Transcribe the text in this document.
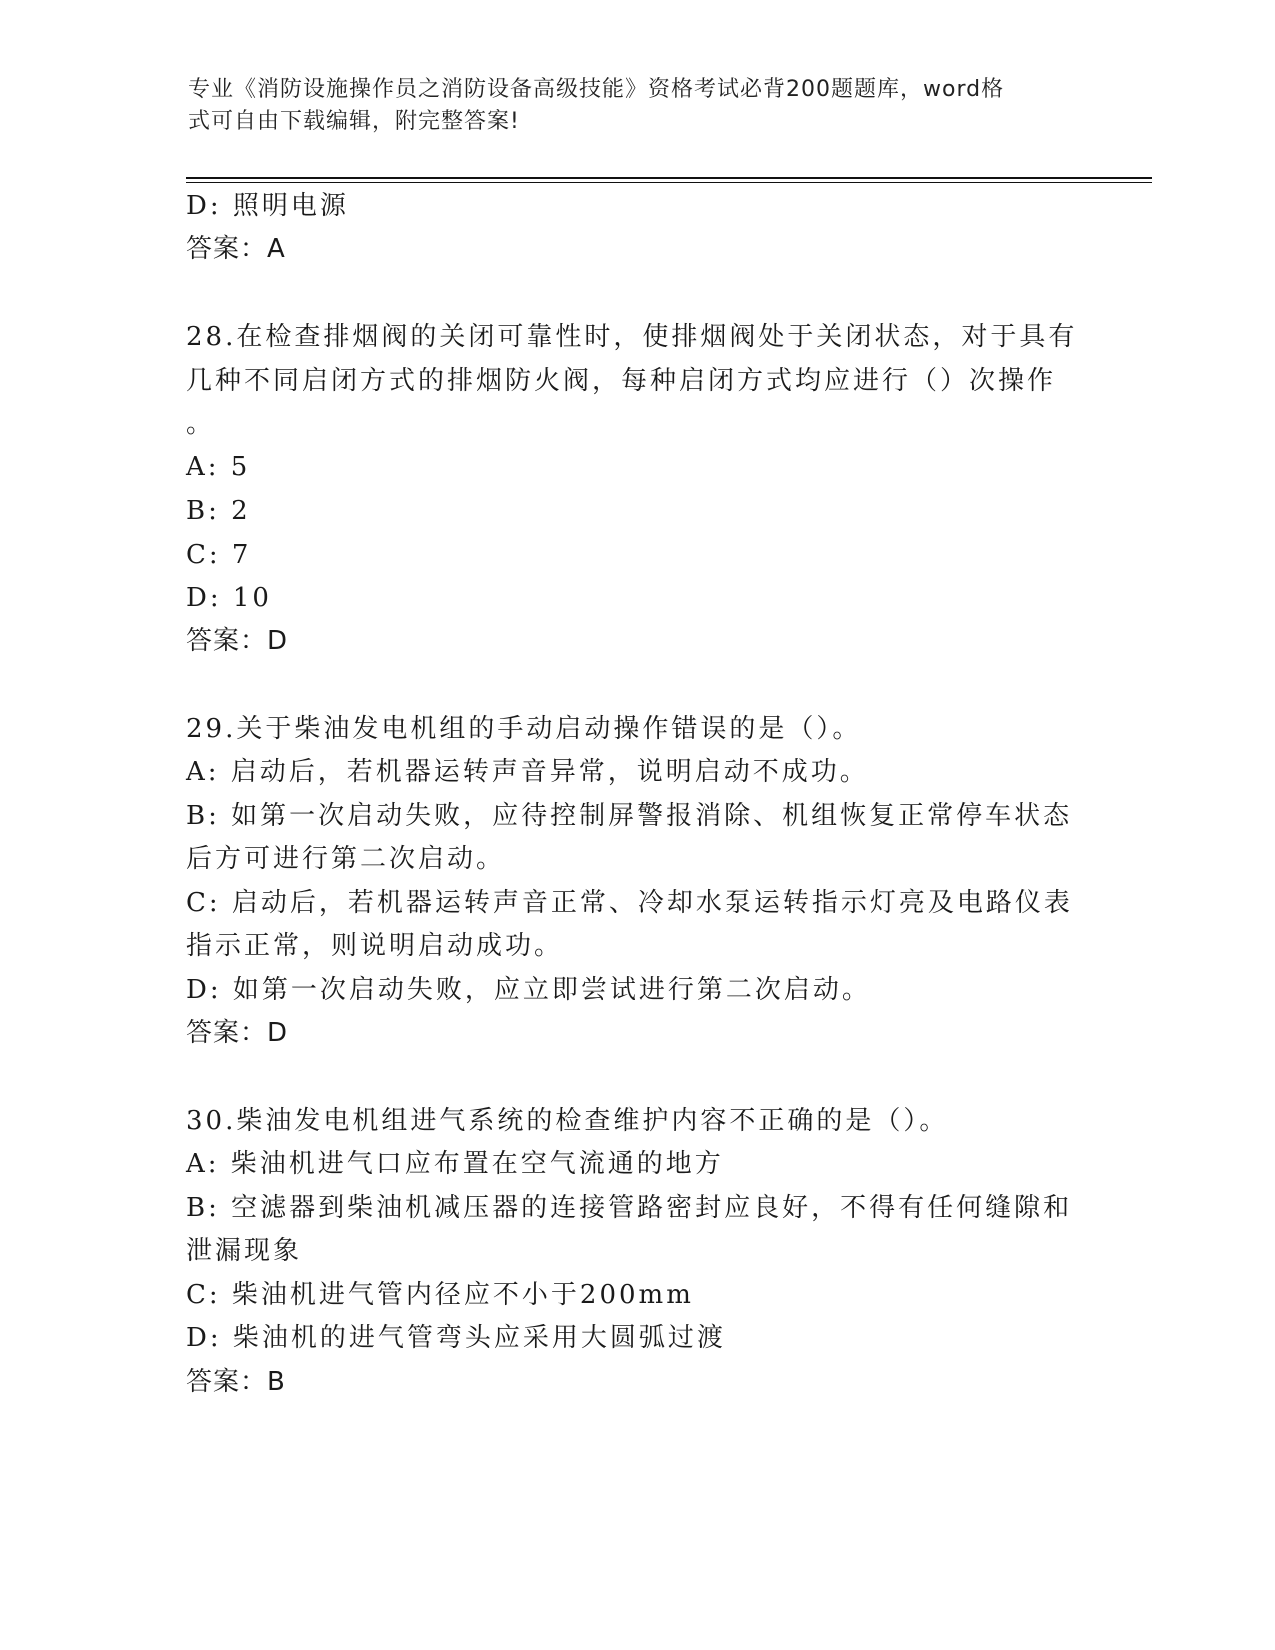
专业《消防设施操作员之消防设备高级技能》资格考试必背200题题库，word格
式可自由下载编辑，附完整答案!
D: 照明电源
答案：A
28.在检查排烟阀的关闭可靠性时，使排烟阀处于关闭状态，对于具有
几种不同启闭方式的排烟防火阀，每种启闭方式均应进行（）次操作
。
A: 5
B: 2
C: 7
D: 10
答案：D
29.关于柴油发电机组的手动启动操作错误的是（）。
A: 启动后，若机器运转声音异常，说明启动不成功。
B: 如第一次启动失败，应待控制屏警报消除、机组恢复正常停车状态
后方可进行第二次启动。
C: 启动后，若机器运转声音正常、冷却水泵运转指示灯亮及电路仪表
指示正常，则说明启动成功。
D: 如第一次启动失败，应立即尝试进行第二次启动。
答案：D
30.柴油发电机组进气系统的检查维护内容不正确的是（）。
A: 柴油机进气口应布置在空气流通的地方
B: 空滤器到柴油机减压器的连接管路密封应良好，不得有任何缝隙和
泄漏现象
C: 柴油机进气管内径应不小于200mm
D: 柴油机的进气管弯头应采用大圆弧过渡
答案：B
